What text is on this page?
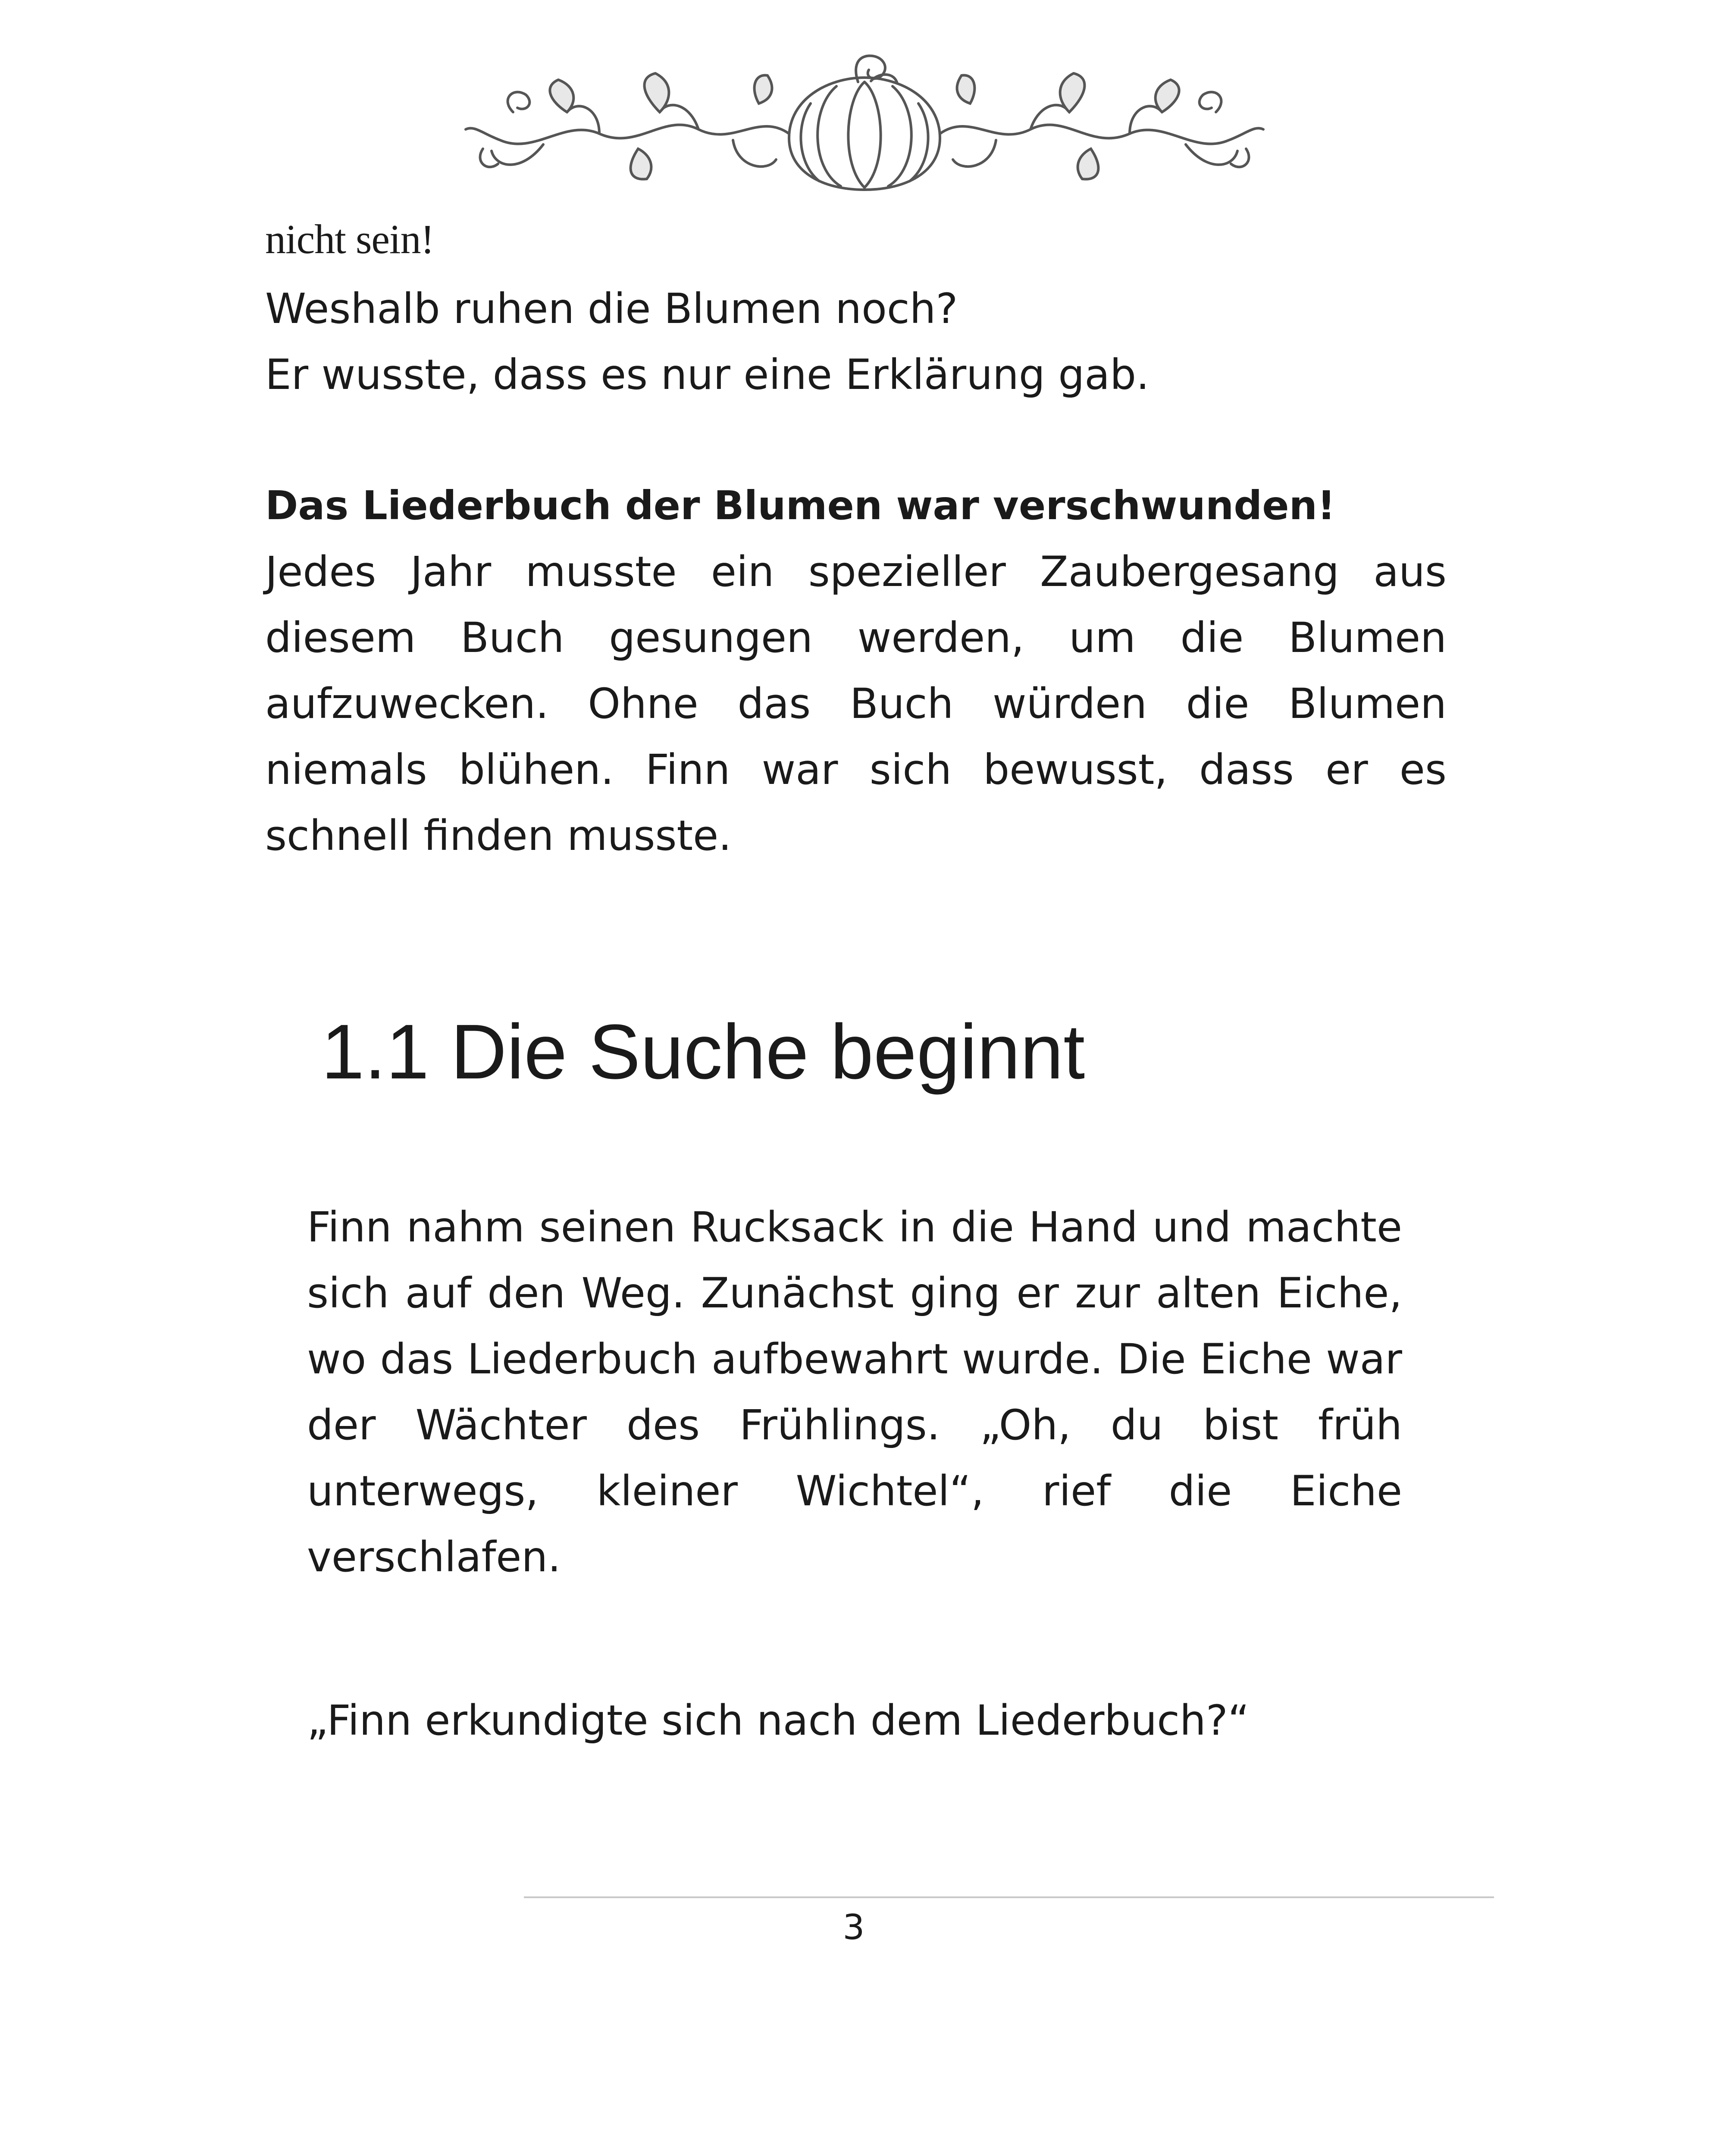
nicht sein!
Weshalb ruhen die Blumen noch?
Er wusste, dass es nur eine Erklärung gab.
Das Liederbuch der Blumen war verschwunden!

Jedes Jahr musste ein spezieller Zaubergesang aus diesem Buch gesungen werden, um die Blumen aufzuwecken. Ohne das Buch würden die Blumen niemals blühen. Finn war sich bewusst, dass er es schnell finden musste.

1.1 Die Suche beginnt

Finn nahm seinen Rucksack in die Hand und machte sich auf den Weg. Zunächst ging er zur alten Eiche, wo das Liederbuch aufbewahrt wurde. Die Eiche war der Wächter des Frühlings. „Oh, du bist früh unterwegs, kleiner Wichtel“, rief die Eiche verschlafen.

„Finn erkundigte sich nach dem Liederbuch?“
3
